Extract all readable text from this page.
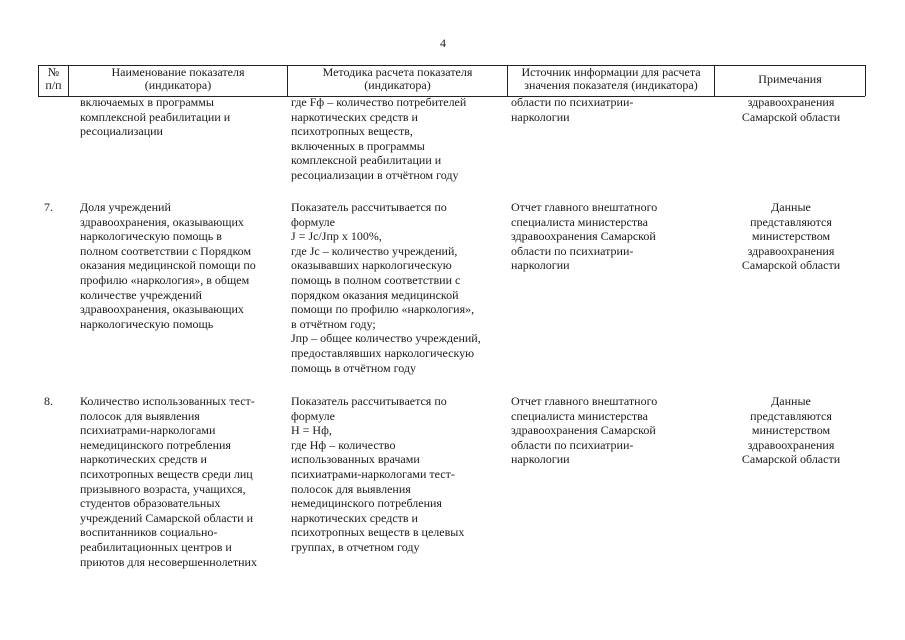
4
№
п/п
Наименование показателя
(индикатора)
Методика расчета показателя
(индикатора)
Источник информации для расчета
значения показателя (индикатора)	Примечания
включаемых в программы
комплексной реабилитации и
ресоциализации
где Fф – количество потребителей
наркотических средств и
психотропных веществ,
включенных в программы
комплексной реабилитации и
ресоциализации в отчётном году
области по психиатрии-
наркологии
здравоохранения
Самарской области
7. Доля учреждений
здравоохранения, оказывающих
наркологическую помощь в
полном соответствии с Порядком
оказания медицинской помощи по
профилю «наркология», в общем
количестве учреждений
здравоохранения, оказывающих
наркологическую помощь
Показатель рассчитывается по
формуле
J = Jс/Jпр х 100%,
где Jс – количество учреждений,
оказывавших наркологическую
помощь в полном соответствии с
порядком оказания медицинской
помощи по профилю «наркология»,
в отчётном году;
Jпр – общее количество учреждений,
предоставлявших наркологическую
помощь в отчётном году
Отчет главного внештатного
специалиста министерства
здравоохранения Самарской
области по психиатрии-
наркологии
Данные
представляются
министерством
здравоохранения
Самарской области
8. Количество использованных тест-
полосок для выявления
психиатрами-наркологами
немедицинского потребления
наркотических средств и
психотропных веществ среди лиц
призывного возраста, учащихся,
студентов образовательных
учреждений Самарской области и
воспитанников социально-
реабилитационных центров и
приютов для несовершеннолетних
Показатель рассчитывается по
формуле
Н = Нф,
где Нф – количество
использованных врачами
психиатрами-наркологами тест-
полосок для выявления
немедицинского потребления
наркотических средств и
психотропных веществ в целевых
группах, в отчетном году
Отчет главного внештатного
специалиста министерства
здравоохранения Самарской
области по психиатрии-
наркологии
Данные
представляются
министерством
здравоохранения
Самарской области
